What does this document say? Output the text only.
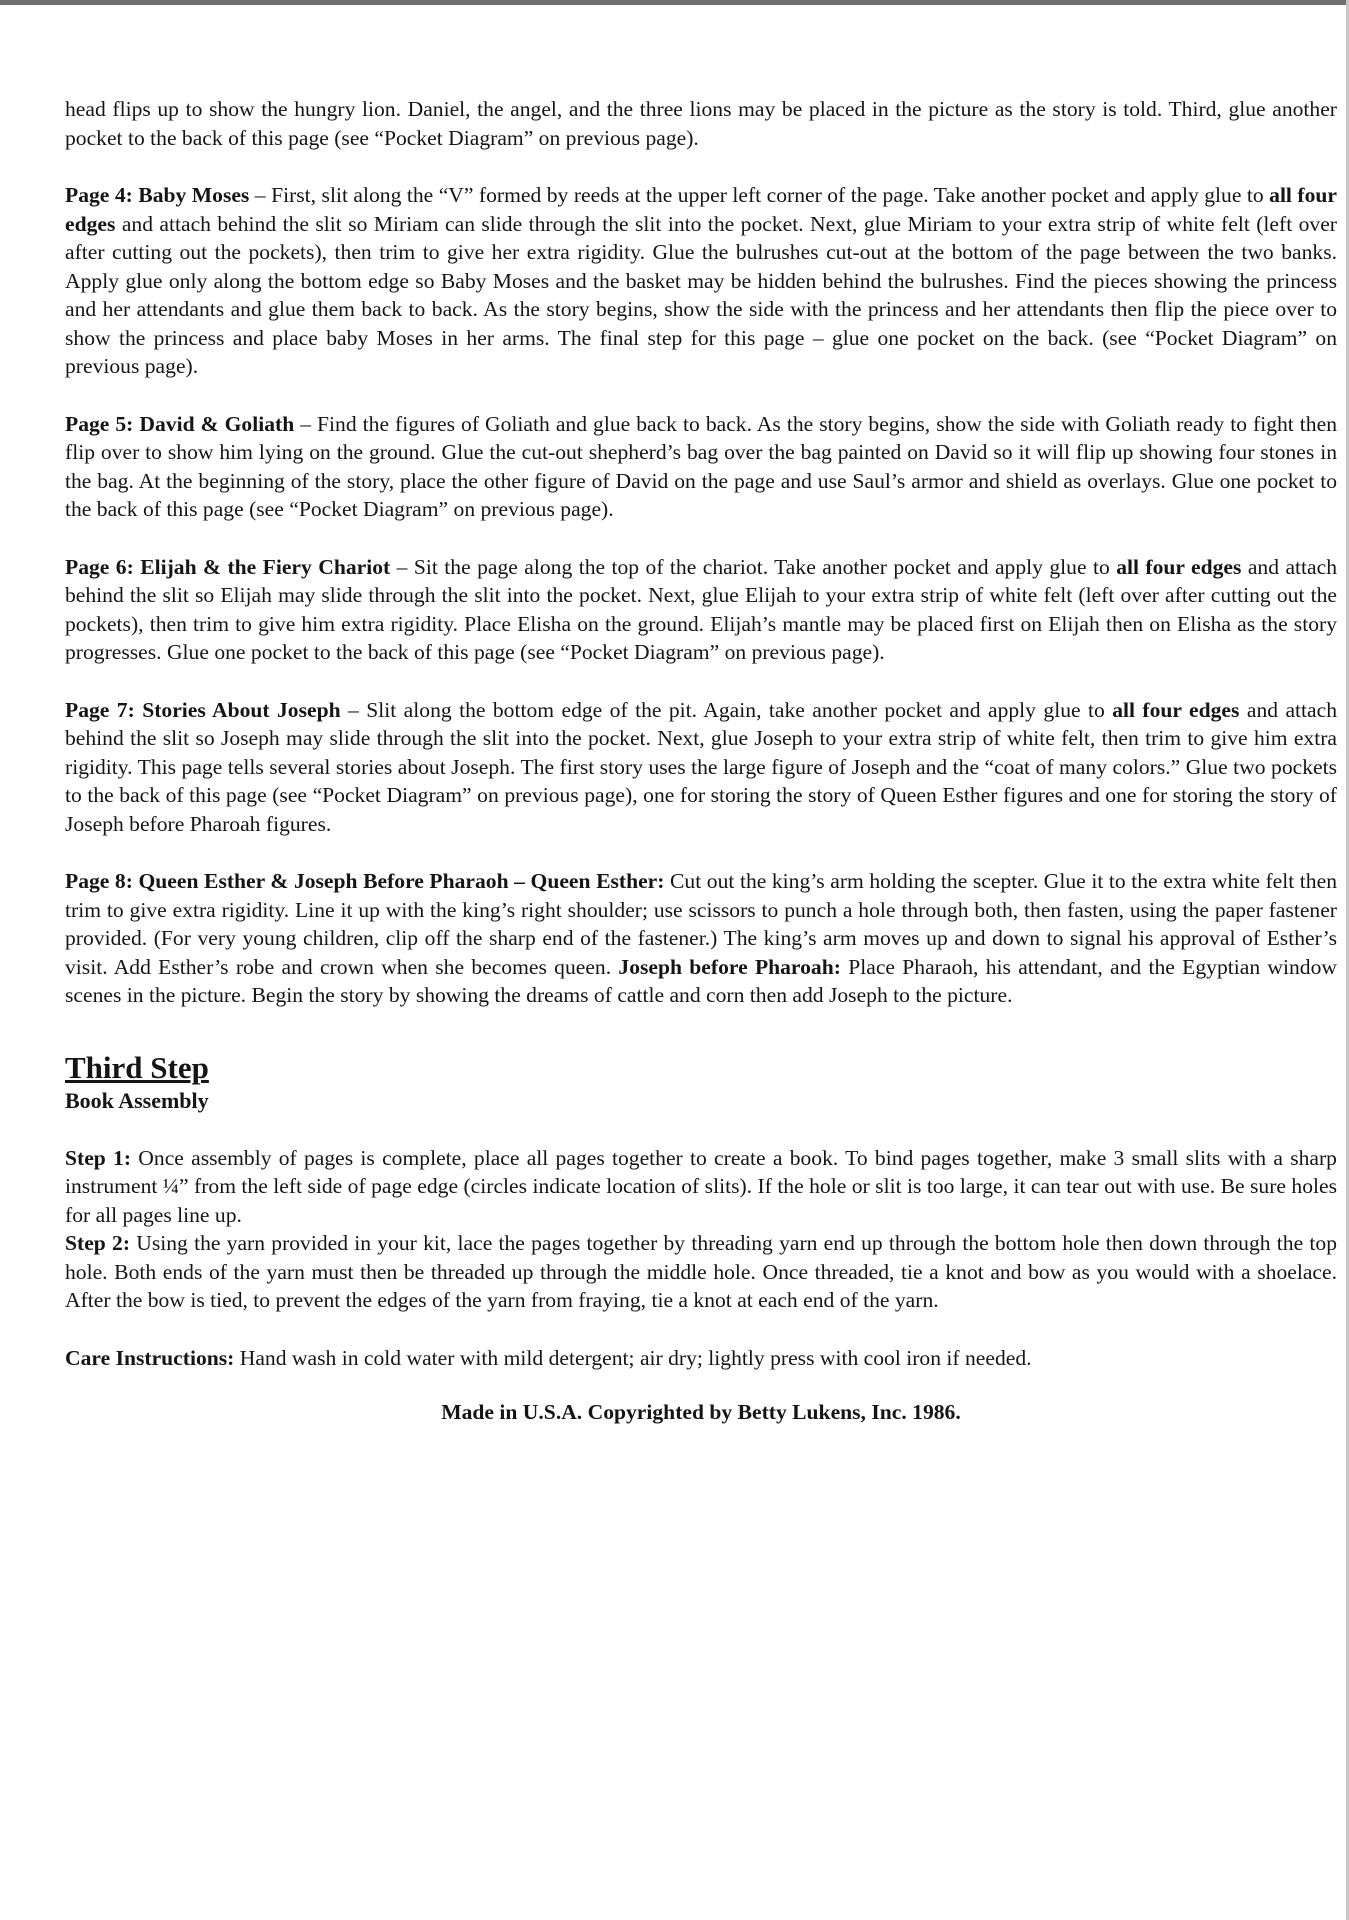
head flips up to show the hungry lion. Daniel, the angel, and the three lions may be placed in the picture as the story is told. Third, glue another pocket to the back of this page (see “Pocket Diagram” on previous page).

Page 4: Baby Moses – First, slit along the “V” formed by reeds at the upper left corner of the page. Take another pocket and apply glue to all four edges and attach behind the slit so Miriam can slide through the slit into the pocket. Next, glue Miriam to your extra strip of white felt (left over after cutting out the pockets), then trim to give her extra rigidity. Glue the bulrushes cut-out at the bottom of the page between the two banks. Apply glue only along the bottom edge so Baby Moses and the basket may be hidden behind the bulrushes. Find the pieces showing the princess and her attendants and glue them back to back. As the story begins, show the side with the princess and her attendants then flip the piece over to show the princess and place baby Moses in her arms. The final step for this page – glue one pocket on the back. (see “Pocket Diagram” on previous page).

Page 5: David & Goliath – Find the figures of Goliath and glue back to back. As the story begins, show the side with Goliath ready to fight then flip over to show him lying on the ground. Glue the cut-out shepherd’s bag over the bag painted on David so it will flip up showing four stones in the bag. At the beginning of the story, place the other figure of David on the page and use Saul’s armor and shield as overlays. Glue one pocket to the back of this page (see “Pocket Diagram” on previous page).

Page 6: Elijah & the Fiery Chariot – Sit the page along the top of the chariot. Take another pocket and apply glue to all four edges and attach behind the slit so Elijah may slide through the slit into the pocket. Next, glue Elijah to your extra strip of white felt (left over after cutting out the pockets), then trim to give him extra rigidity. Place Elisha on the ground. Elijah’s mantle may be placed first on Elijah then on Elisha as the story progresses. Glue one pocket to the back of this page (see “Pocket Diagram” on previous page).

Page 7: Stories About Joseph – Slit along the bottom edge of the pit. Again, take another pocket and apply glue to all four edges and attach behind the slit so Joseph may slide through the slit into the pocket. Next, glue Joseph to your extra strip of white felt, then trim to give him extra rigidity. This page tells several stories about Joseph. The first story uses the large figure of Joseph and the “coat of many colors.” Glue two pockets to the back of this page (see “Pocket Diagram” on previous page), one for storing the story of Queen Esther figures and one for storing the story of Joseph before Pharoah figures.

Page 8: Queen Esther & Joseph Before Pharaoh – Queen Esther: Cut out the king’s arm holding the scepter. Glue it to the extra white felt then trim to give extra rigidity. Line it up with the king’s right shoulder; use scissors to punch a hole through both, then fasten, using the paper fastener provided. (For very young children, clip off the sharp end of the fastener.) The king’s arm moves up and down to signal his approval of Esther’s visit. Add Esther’s robe and crown when she becomes queen. Joseph before Pharoah: Place Pharaoh, his attendant, and the Egyptian window scenes in the picture. Begin the story by showing the dreams of cattle and corn then add Joseph to the picture.

Third Step
Book Assembly

Step 1: Once assembly of pages is complete, place all pages together to create a book. To bind pages together, make 3 small slits with a sharp instrument ¼” from the left side of page edge (circles indicate location of slits). If the hole or slit is too large, it can tear out with use. Be sure holes for all pages line up.

Step 2: Using the yarn provided in your kit, lace the pages together by threading yarn end up through the bottom hole then down through the top hole. Both ends of the yarn must then be threaded up through the middle hole. Once threaded, tie a knot and bow as you would with a shoelace. After the bow is tied, to prevent the edges of the yarn from fraying, tie a knot at each end of the yarn.

Care Instructions: Hand wash in cold water with mild detergent; air dry; lightly press with cool iron if needed.

Made in U.S.A. Copyrighted by Betty Lukens, Inc. 1986.
